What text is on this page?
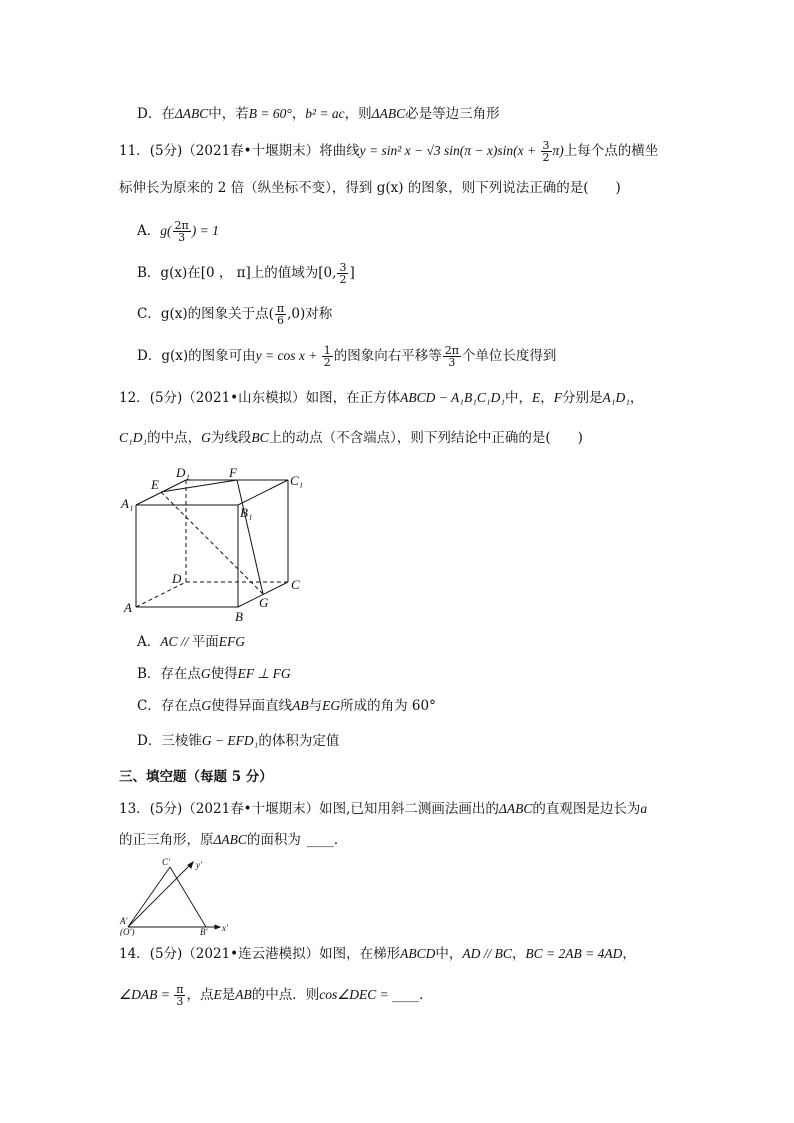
D．在ΔABC中，若B = 60°，b² = ac，则ΔABC必是等边三角形
11．(5分)（2021春•十堰期末）将曲线y = sin² x − √3 $\sin(\pi - x)\sin(x + \frac{3}{2} \pi)$上每个点的横坐
标伸长为原来的 2 倍（纵坐标不变），得到 g(x) 的图象，则下列说法正确的是(　　)
A．$g( \frac{2\pi}{3}$ ) = 1
B．g(x)在[0 ， π]上的值域为[0, $\frac{3}{2}$ ]
C．g(x)的图象关于点( $\frac{\pi}{6} ,0$)对称
D．g(x)的图象可由$y = \cos x + \frac{1}{2}$ 的图象向右平移等 $\frac{2\pi}{3}$ 个单位长度得到
12．(5分)（2021•山东模拟）如图，在正方体ABCD − A₁B₁C₁D₁中，E，F分别是A₁D₁，
C₁D₁的中点，G为线段BC上的动点（不含端点），则下列结论中正确的是(　　)
A₁
E
D₁	F
C₁
B₁
D	C
G
A
B
A．AC // 平面EFG
B．存在点G使得EF ⊥ FG
C．存在点G使得异面直线AB与EG所成的角为 60°
D．三棱锥G − EFD₁的体积为定值
三、填空题（每题 5 分）
13．(5分)（2021春•十堰期末）如图,已知用斜二测画法画出的ΔABC的直观图是边长为a
的正三角形，原ΔABC的面积为 ____．
C′	y′
A′
(O′)	B′ x′
14．(5分)（2021•连云港模拟）如图，在梯形ABCD中，AD // BC，BC = 2AB = 4AD，
∠DAB = $\frac{\pi}{3}$ ，点E是AB的中点．则cos∠DEC = ____．
